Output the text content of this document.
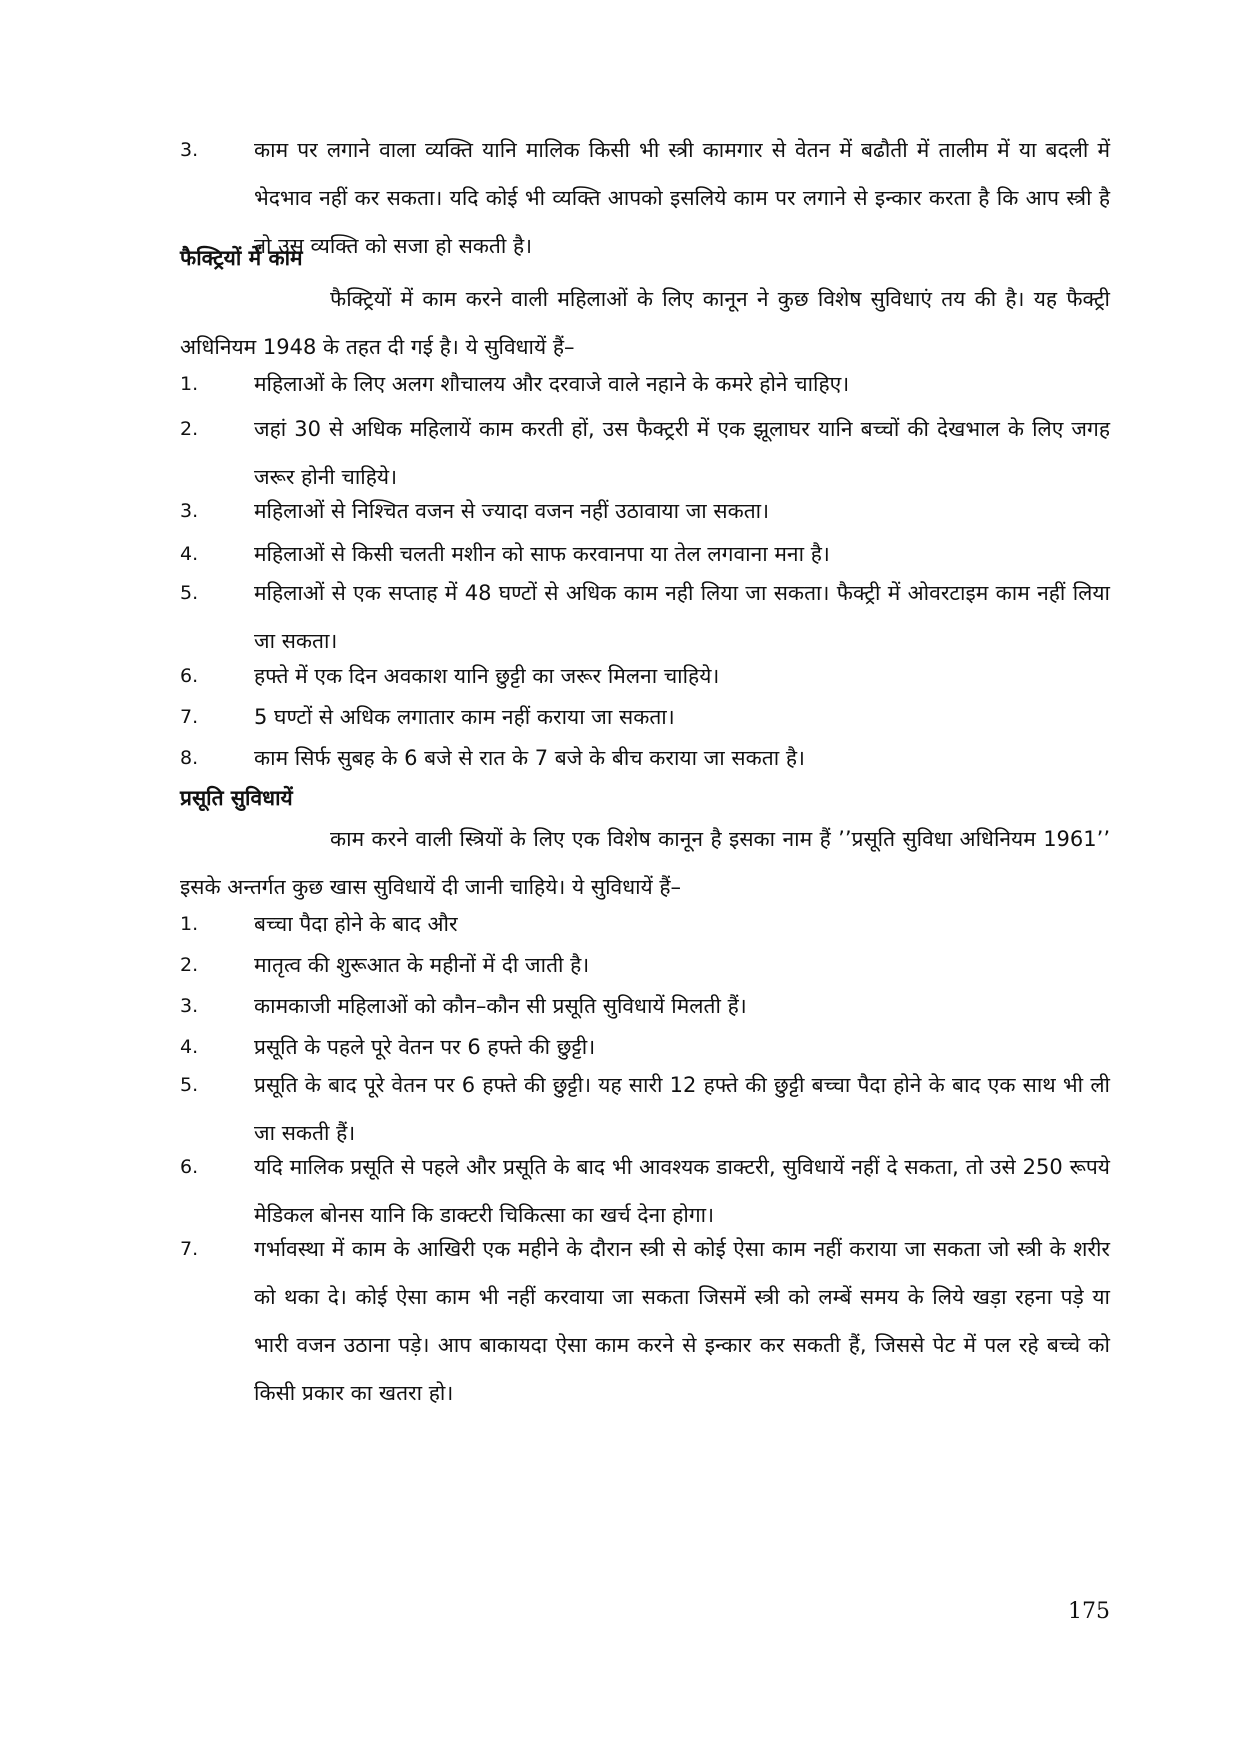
3.	काम पर लगाने वाला व्यक्ति यानि मालिक किसी भी स्त्री कामगार से वेतन में बढौती में तालीम में या बदली में भेदभाव नहीं कर सकता। यदि कोई भी व्यक्ति आपको इसलिये काम पर लगाने से इन्कार करता है कि आप स्त्री है तो उस व्यक्ति को सजा हो सकती है।
फैक्ट्रियों में काम
फैक्ट्रियों में काम करने वाली महिलाओं के लिए कानून ने कुछ विशेष सुविधाएं तय की है। यह फैक्ट्री अधिनियम 1948 के तहत दी गई है। ये सुविधायें हैं–
1.	महिलाओं के लिए अलग शौचालय और दरवाजे वाले नहाने के कमरे होने चाहिए।
2.	जहां 30 से अधिक महिलायें काम करती हों, उस फैक्ट्ररी में एक झूलाघर यानि बच्चों की देखभाल के लिए जगह जरूर होनी चाहिये।
3.	महिलाओं से निश्चित वजन से ज्यादा वजन नहीं उठावाया जा सकता।
4.	महिलाओं से किसी चलती मशीन को साफ करवानपा या तेल लगवाना मना है।
5.	महिलाओं से एक सप्ताह में 48 घण्टों से अधिक काम नही लिया जा सकता। फैक्ट्री में ओवरटाइम काम नहीं लिया जा सकता।
6.	हफ्ते में एक दिन अवकाश यानि छुट्टी का जरूर मिलना चाहिये।
7.	5 घण्टों से अधिक लगातार काम नहीं कराया जा सकता।
8.	काम सिर्फ सुबह के 6 बजे से रात के 7 बजे के बीच कराया जा सकता है।
प्रसूति सुविधायें
काम करने वाली स्त्रियों के लिए एक विशेष कानून है इसका नाम हैं ’’प्रसूति सुविधा अधिनियम 1961’’ इसके अन्तर्गत कुछ खास सुविधायें दी जानी चाहिये। ये सुविधायें हैं–
1.	बच्चा पैदा होने के बाद और
2.	मातृत्व की शुरूआत के महीनों में दी जाती है।
3.	कामकाजी महिलाओं को कौन–कौन सी प्रसूति सुविधायें मिलती हैं।
4.	प्रसूति के पहले पूरे वेतन पर 6 हफ्ते की छुट्टी।
5.	प्रसूति के बाद पूरे वेतन पर 6 हफ्ते की छुट्टी। यह सारी 12 हफ्ते की छुट्टी बच्चा पैदा होने के बाद एक साथ भी ली जा सकती हैं।
6.	यदि मालिक प्रसूति से पहले और प्रसूति के बाद भी आवश्यक डाक्टरी, सुविधायें नहीं दे सकता, तो उसे 250 रूपये मेडिकल बोनस यानि कि डाक्टरी चिकित्सा का खर्च देना होगा।
7.	गर्भावस्था में काम के आखिरी एक महीने के दौरान स्त्री से कोई ऐसा काम नहीं कराया जा सकता जो स्त्री के शरीर को थका दे। कोई ऐसा काम भी नहीं करवाया जा सकता जिसमें स्त्री को लम्बें समय के लिये खड़ा रहना पड़े या भारी वजन उठाना पड़े। आप बाकायदा ऐसा काम करने से इन्कार कर सकती हैं, जिससे पेट में पल रहे बच्चे को किसी प्रकार का खतरा हो।
175
